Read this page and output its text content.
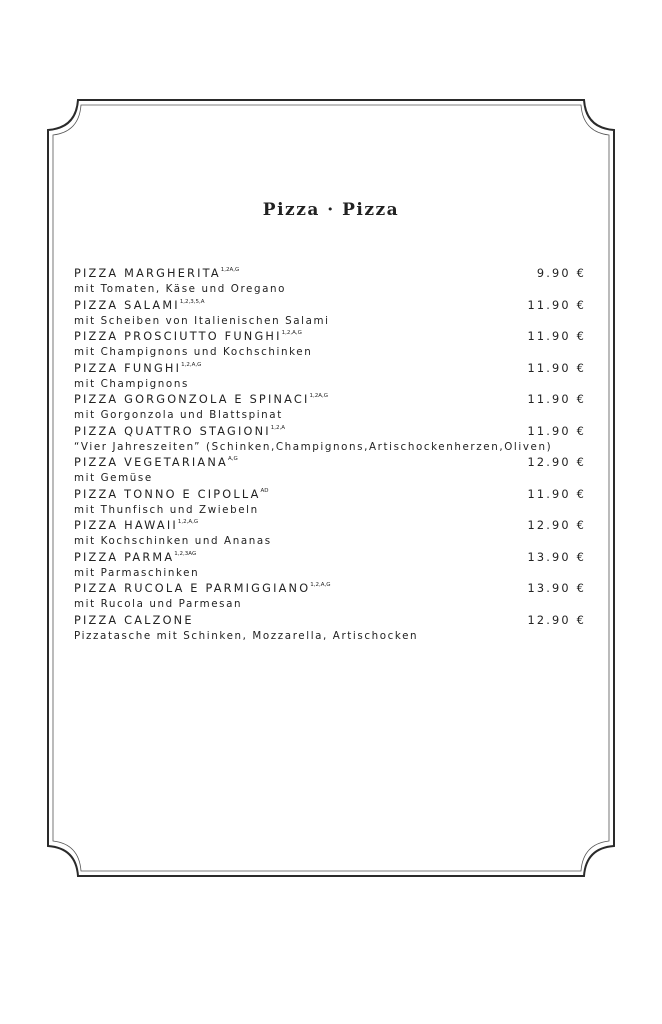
Pizza · Pizza
PIZZA $MARGHERITA^{1,2A,G}$	9.90 €
mit Tomaten, Käse und Oregano
PIZZA $SALAMI^{1,2,3,5,A}$	11.90 €
mit Scheiben von Italienischen Salami
PIZZA PROSCIUTTO $FUNGHI^{1,2,A,G}$	11.90 €
mit Champignons und Kochschinken
PIZZA $FUNGHI^{1,2,A,G}$	11.90 €
mit Champignons
PIZZA GORGONZOLA E $SPINACI^{1,2A,G}$	11.90 €
mit Gorgonzola und Blattspinat
PIZZA QUATTRO $STAGIONI^{1,2,A}$	11.90 €
“Vier Jahreszeiten” (Schinken,Champignons,Artischockenherzen,Oliven)
PIZZA $VEGETARIANA^{A,G}$	12.90 €
mit Gemüse
PIZZA TONNO E $CIPOLLA^{AD}$	11.90 €
mit Thunfisch und Zwiebeln
PIZZA $HAWAII^{1,2,A,G}$	12.90 €
mit Kochschinken und Ananas
PIZZA $PARMA^{1,2,3AG}$	13.90 €
mit Parmaschinken
PIZZA RUCOLA E $PARMIGGIANO^{1,2,A,G}$	13.90 €
mit Rucola und Parmesan
PIZZA CALZONE	12.90 €
Pizzatasche mit Schinken, Mozzarella, Artischocken
